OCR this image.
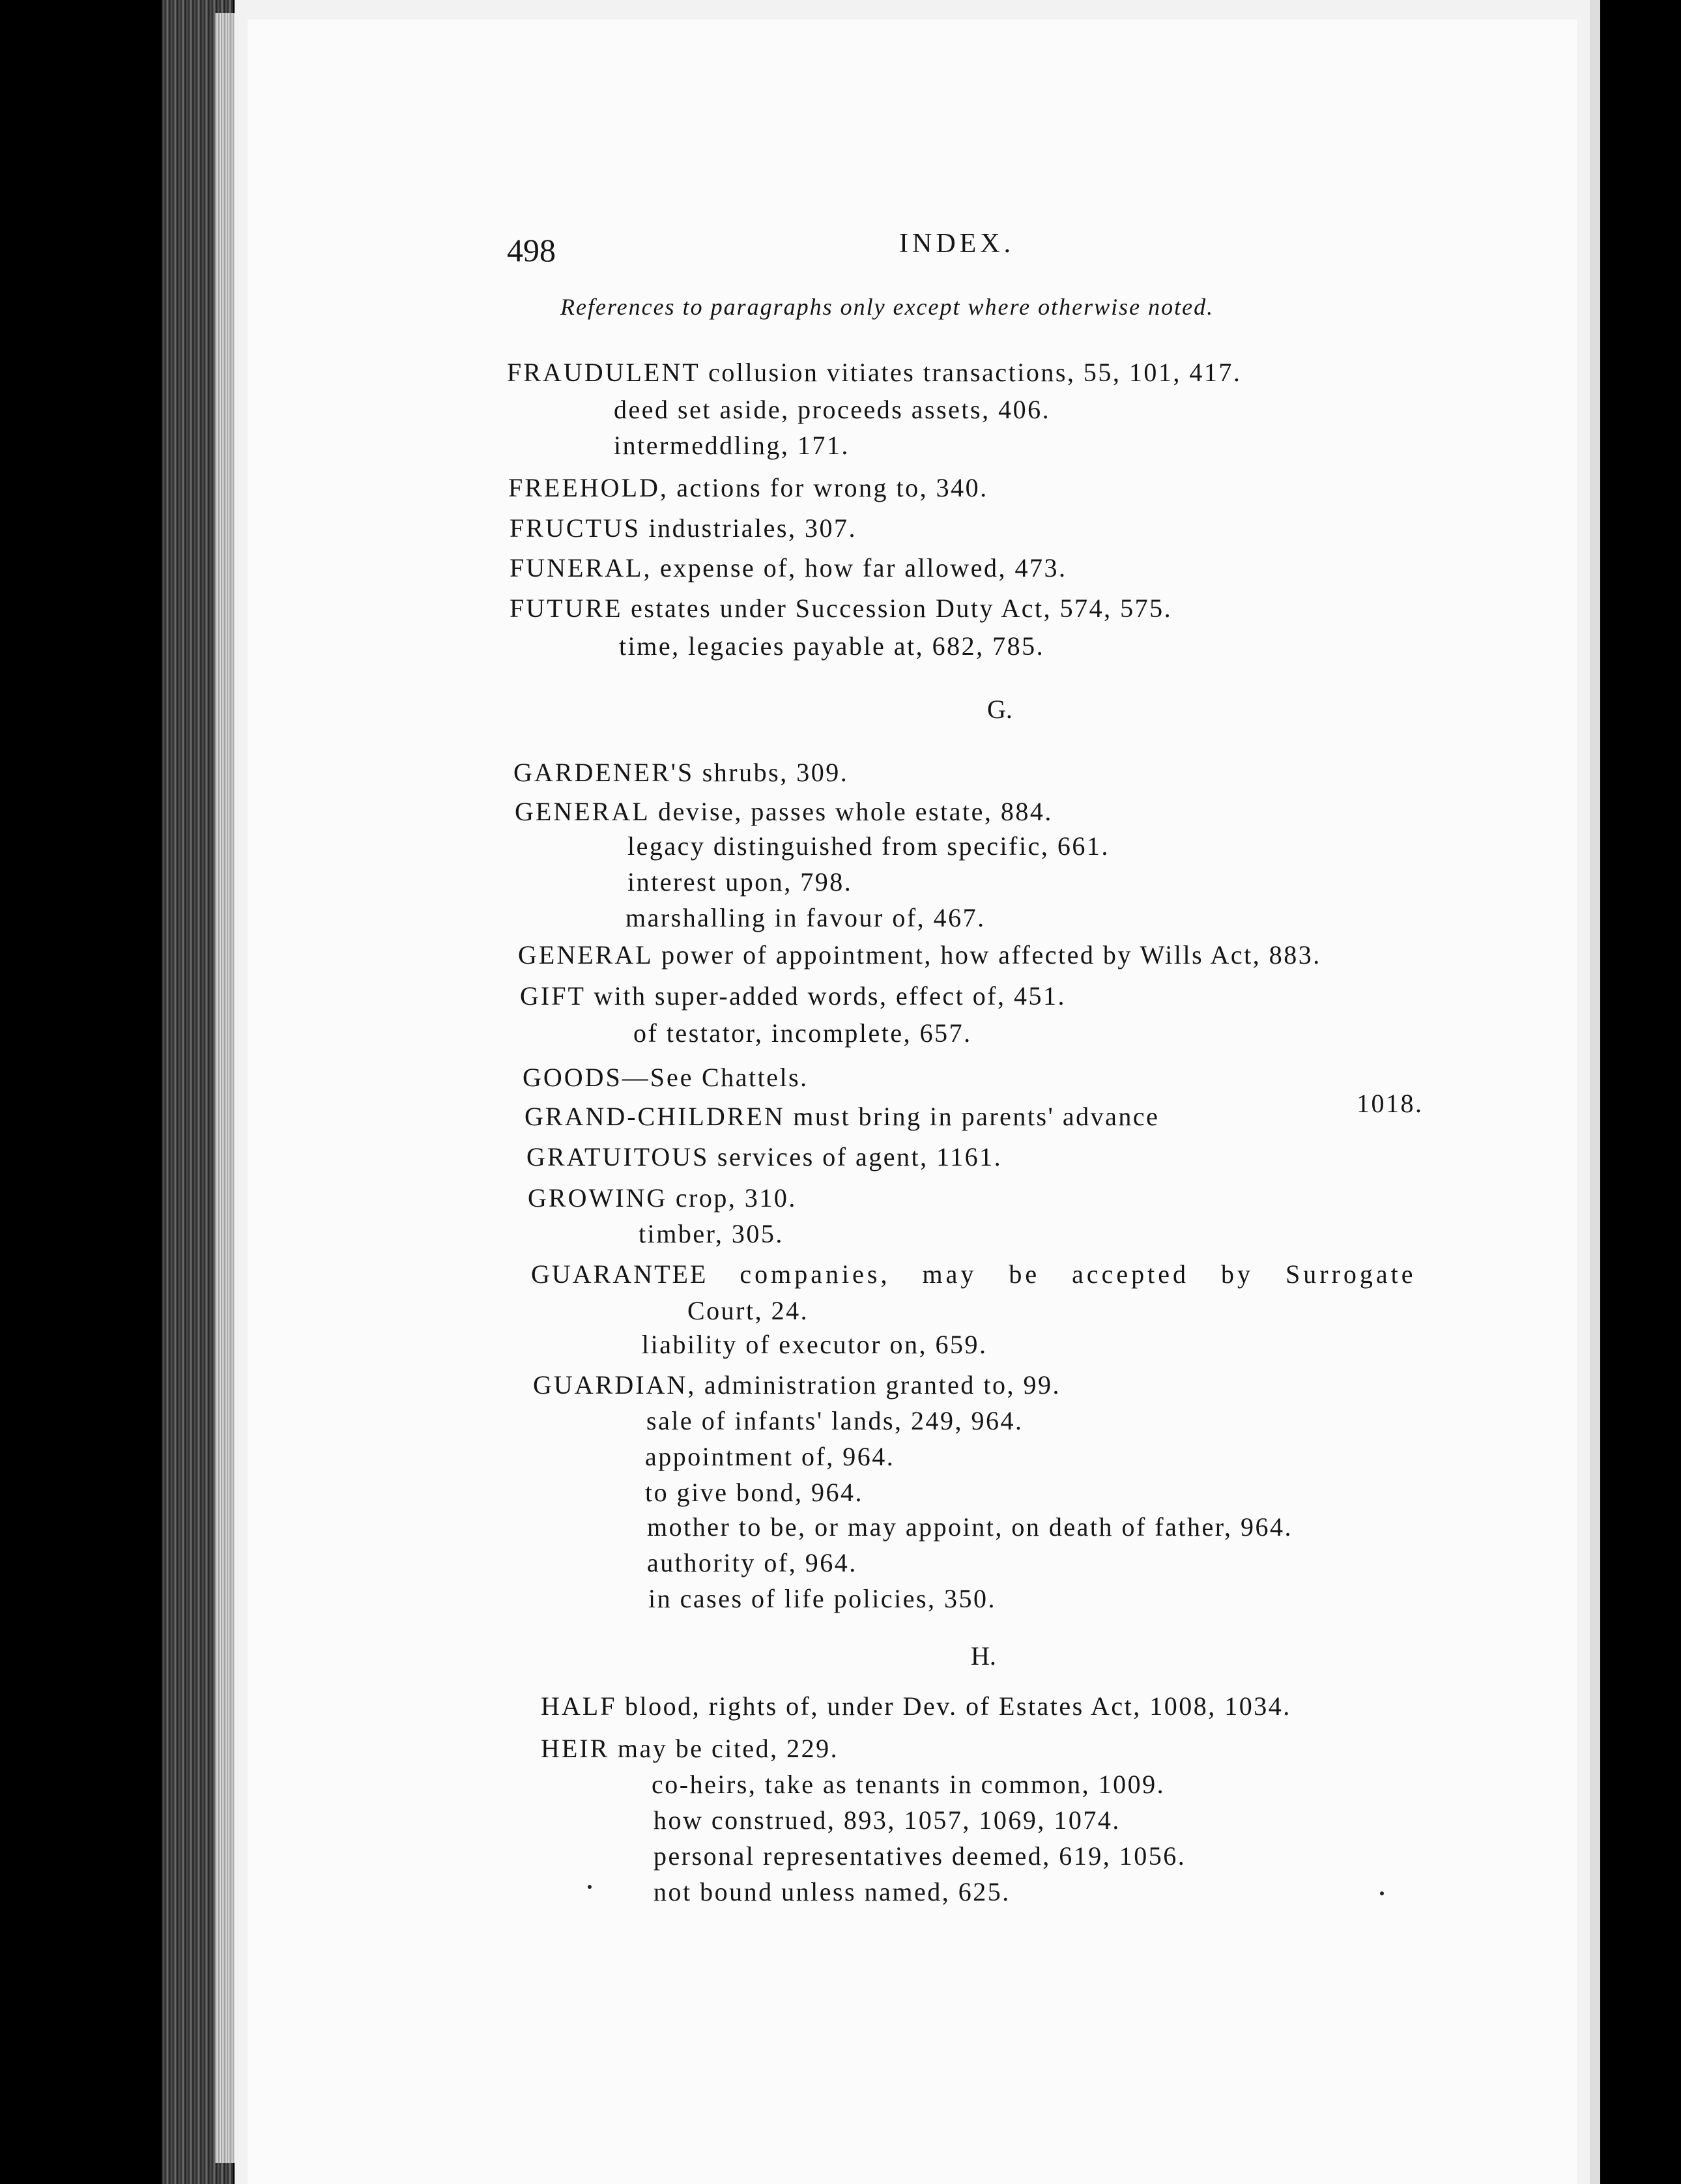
498	INDEX.
References to paragraphs only except where otherwise noted.
FRAUDULENT collusion vitiates transactions, 55, 101, 417.
deed set aside, proceeds assets, 406.
intermeddling, 171.
FREEHOLD, actions for wrong to, 340.
FRUCTUS industriales, 307.
FUNERAL, expense of, how far allowed, 473.
FUTURE estates under Succession Duty Act, 574, 575.
time, legacies payable at, 682, 785.
G.
GARDENER'S shrubs, 309.
GENERAL devise, passes whole estate, 884.
legacy distinguished from specific, 661.
interest upon, 798.
marshalling in favour of, 467.
GENERAL power of appointment, how affected by Wills Act, 883.
GIFT with super-added words, effect of, 451.
of testator, incomplete, 657.
GOODS—See Chattels.
GRAND-CHILDREN must bring in parents' advance	1018.
GRATUITOUS services of agent, 1161.
GROWING crop, 310.
timber, 305.
GUARANTEE companies, may be accepted by Surrogate
Court, 24.
liability of executor on, 659.
GUARDIAN, administration granted to, 99.
sale of infants' lands, 249, 964.
appointment of, 964.
to give bond, 964.
mother to be, or may appoint, on death of father, 964.
authority of, 964.
in cases of life policies, 350.
H.
HALF blood, rights of, under Dev. of Estates Act, 1008, 1034.
HEIR may be cited, 229.
co-heirs, take as tenants in common, 1009.
how construed, 893, 1057, 1069, 1074.
personal representatives deemed, 619, 1056.
not bound unless named, 625.
